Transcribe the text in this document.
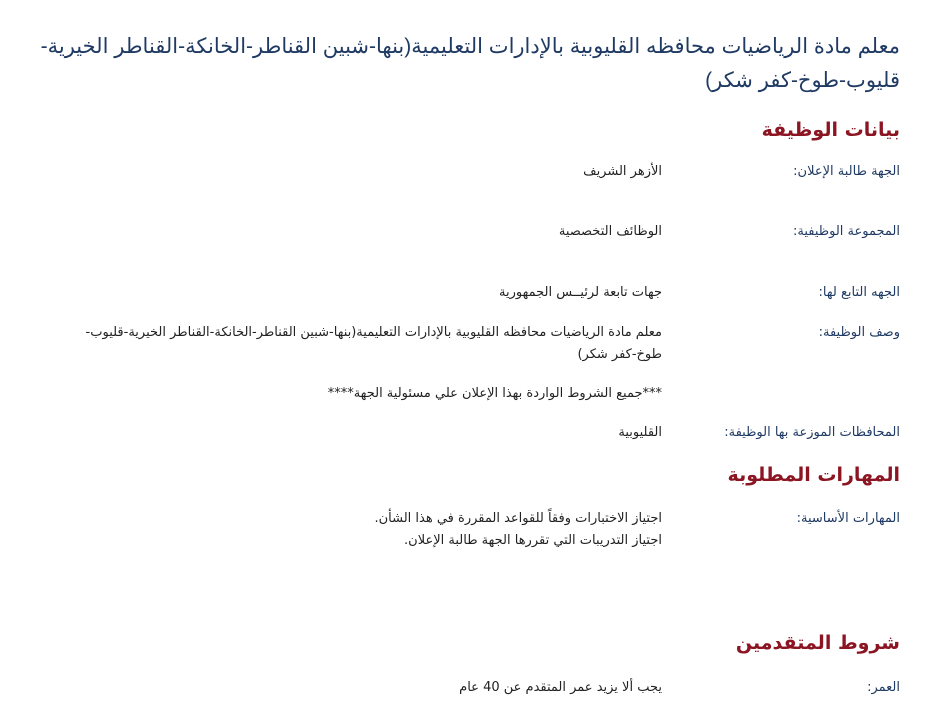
معلم مادة الرياضيات محافظه القليوبية بالإدارات التعليمية(بنها-شبين القناطر-الخانكة-القناطر الخيرية-قليوب-طوخ-كفر شكر)
بيانات الوظيفة
الجهة طالبة الإعلان:
الأزهر الشريف
المجموعة الوظيفية:
الوظائف التخصصية
الجهه التابع لها:
جهات تابعة لرئيــس الجمهورية
وصف الوظيفة:
معلم مادة الرياضيات محافظه القليوبية بالإدارات التعليمية(بنها-شبين القناطر-الخانكة-القناطر الخيرية-قليوب-طوخ-كفر شكر)
***جميع الشروط الواردة بهذا الإعلان علي مسئولية الجهة****
المحافظات الموزعة بها الوظيفة:
القليوبية
المهارات المطلوبة
المهارات الأساسية:
اجتياز الاختبارات وفقاً للقواعد المقررة في هذا الشأن.
اجتياز التدريبات التي تقررها الجهة طالبة الإعلان.
شروط المتقدمين
العمر:
يجب ألا يزيد عمر المتقدم عن 40 عام
